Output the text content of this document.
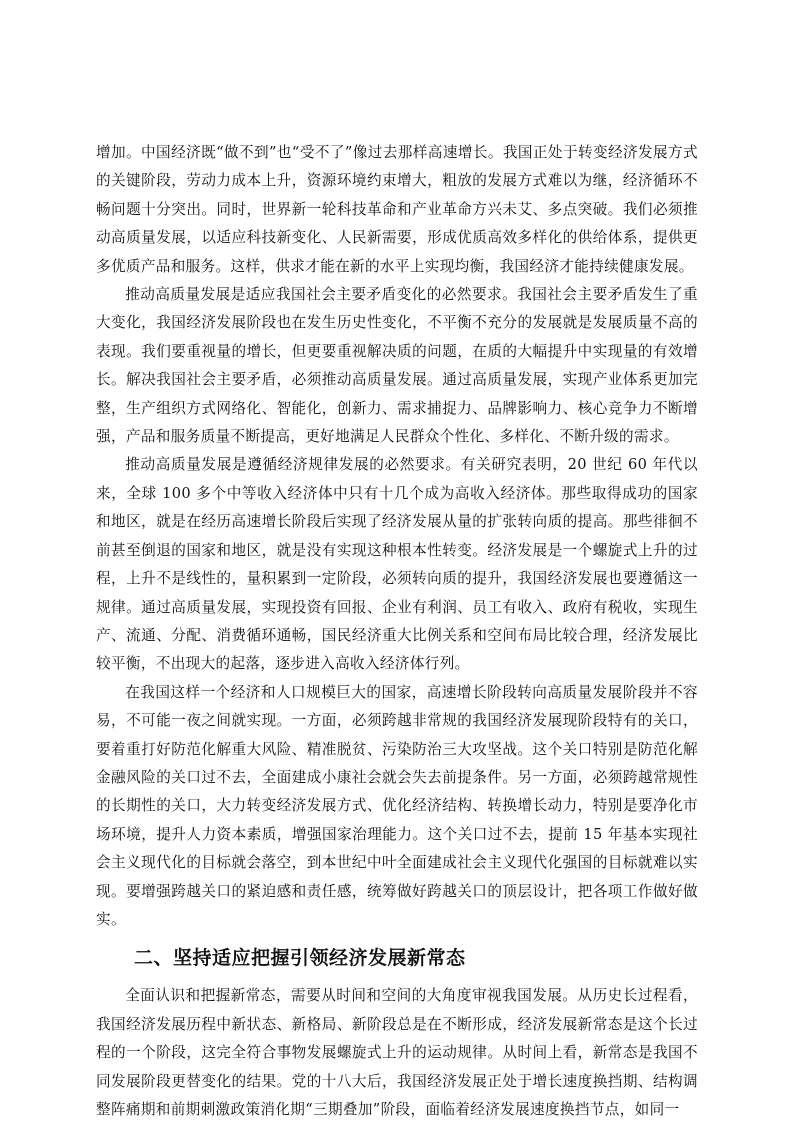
增加。中国经济既“做不到”也“受不了”像过去那样高速增长。我国正处于转变经济发展方式的关键阶段，劳动力成本上升，资源环境约束增大，粗放的发展方式难以为继，经济循环不畅问题十分突出。同时，世界新一轮科技革命和产业革命方兴未艾、多点突破。我们必须推动高质量发展，以适应科技新变化、人民新需要，形成优质高效多样化的供给体系，提供更多优质产品和服务。这样，供求才能在新的水平上实现均衡，我国经济才能持续健康发展。

推动高质量发展是适应我国社会主要矛盾变化的必然要求。我国社会主要矛盾发生了重大变化，我国经济发展阶段也在发生历史性变化，不平衡不充分的发展就是发展质量不高的表现。我们要重视量的增长，但更要重视解决质的问题，在质的大幅提升中实现量的有效增长。解决我国社会主要矛盾，必须推动高质量发展。通过高质量发展，实现产业体系更加完整，生产组织方式网络化、智能化，创新力、需求捕捉力、品牌影响力、核心竞争力不断增强，产品和服务质量不断提高，更好地满足人民群众个性化、多样化、不断升级的需求。

推动高质量发展是遵循经济规律发展的必然要求。有关研究表明，20 世纪 60 年代以来，全球 100 多个中等收入经济体中只有十几个成为高收入经济体。那些取得成功的国家和地区，就是在经历高速增长阶段后实现了经济发展从量的扩张转向质的提高。那些徘徊不前甚至倒退的国家和地区，就是没有实现这种根本性转变。经济发展是一个螺旋式上升的过程，上升不是线性的，量积累到一定阶段，必须转向质的提升，我国经济发展也要遵循这一规律。通过高质量发展，实现投资有回报、企业有利润、员工有收入、政府有税收，实现生产、流通、分配、消费循环通畅，国民经济重大比例关系和空间布局比较合理，经济发展比较平衡，不出现大的起落，逐步进入高收入经济体行列。

在我国这样一个经济和人口规模巨大的国家，高速增长阶段转向高质量发展阶段并不容易，不可能一夜之间就实现。一方面，必须跨越非常规的我国经济发展现阶段特有的关口，要着重打好防范化解重大风险、精准脱贫、污染防治三大攻坚战。这个关口特别是防范化解金融风险的关口过不去，全面建成小康社会就会失去前提条件。另一方面，必须跨越常规性的长期性的关口，大力转变经济发展方式、优化经济结构、转换增长动力，特别是要净化市场环境，提升人力资本素质，增强国家治理能力。这个关口过不去，提前 15 年基本实现社会主义现代化的目标就会落空，到本世纪中叶全面建成社会主义现代化强国的目标就难以实现。要增强跨越关口的紧迫感和责任感，统筹做好跨越关口的顶层设计，把各项工作做好做实。

二、坚持适应把握引领经济发展新常态

全面认识和把握新常态，需要从时间和空间的大角度审视我国发展。从历史长过程看，我国经济发展历程中新状态、新格局、新阶段总是在不断形成，经济发展新常态是这个长过程的一个阶段，这完全符合事物发展螺旋式上升的运动规律。从时间上看，新常态是我国不同发展阶段更替变化的结果。党的十八大后，我国经济发展正处于增长速度换挡期、结构调整阵痛期和前期刺激政策消化期“三期叠加”阶段，面临着经济发展速度换挡节点，如同一
